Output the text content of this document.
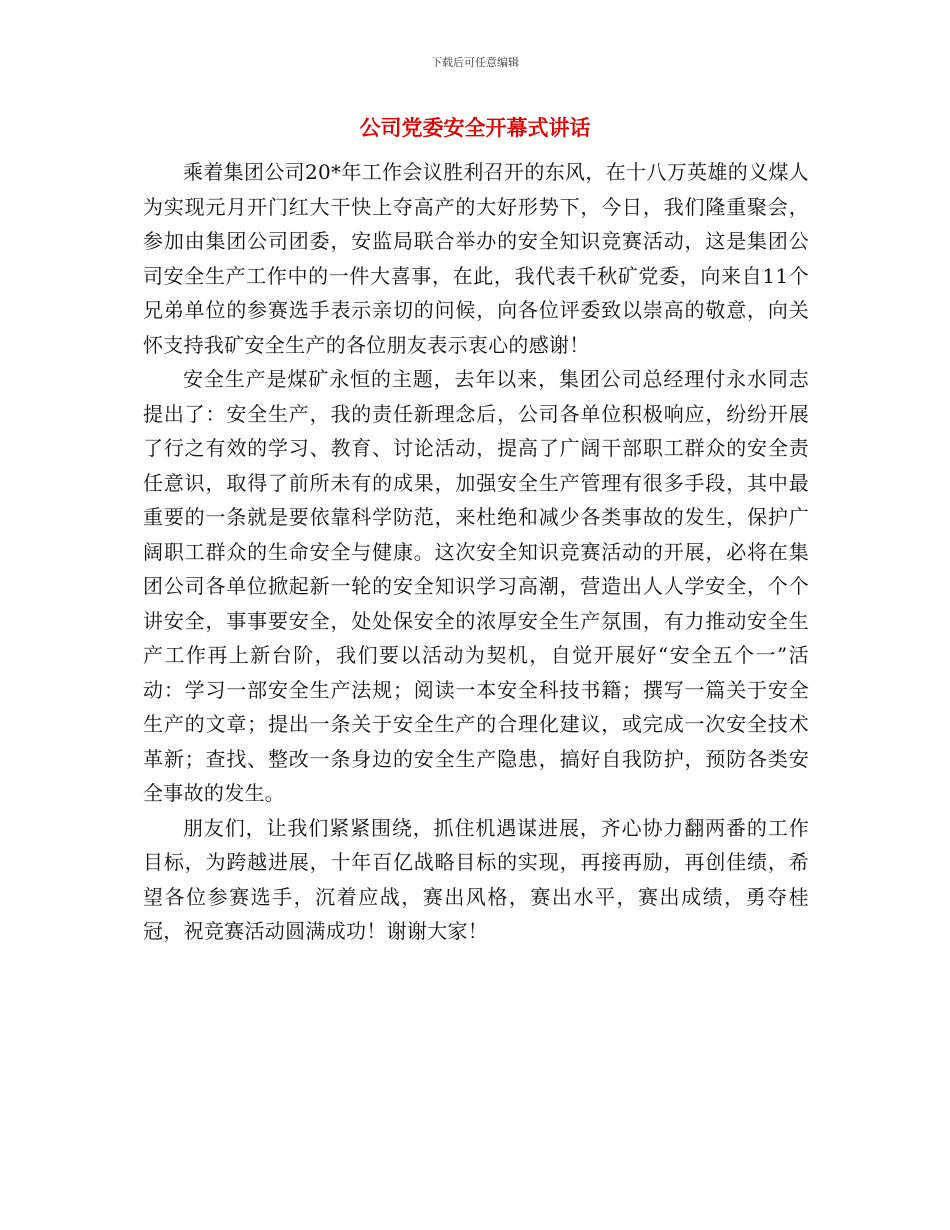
下载后可任意编辑
公司党委安全开幕式讲话

乘着集团公司20*年工作会议胜利召开的东风，在十八万英雄的义煤人为实现元月开门红大干快上夺高产的大好形势下，今日，我们隆重聚会，参加由集团公司团委，安监局联合举办的安全知识竞赛活动，这是集团公司安全生产工作中的一件大喜事，在此，我代表千秋矿党委，向来自11个兄弟单位的参赛选手表示亲切的问候，向各位评委致以崇高的敬意，向关怀支持我矿安全生产的各位朋友表示衷心的感谢！

安全生产是煤矿永恒的主题，去年以来，集团公司总经理付永水同志提出了：安全生产，我的责任新理念后，公司各单位积极响应，纷纷开展了行之有效的学习、教育、讨论活动，提高了广阔干部职工群众的安全责任意识，取得了前所未有的成果，加强安全生产管理有很多手段，其中最重要的一条就是要依靠科学防范，来杜绝和减少各类事故的发生，保护广阔职工群众的生命安全与健康。这次安全知识竞赛活动的开展，必将在集团公司各单位掀起新一轮的安全知识学习高潮，营造出人人学安全，个个讲安全，事事要安全，处处保安全的浓厚安全生产氛围，有力推动安全生产工作再上新台阶，我们要以活动为契机，自觉开展好“安全五个一”活动：学习一部安全生产法规；阅读一本安全科技书籍；撰写一篇关于安全生产的文章；提出一条关于安全生产的合理化建议，或完成一次安全技术革新；查找、整改一条身边的安全生产隐患，搞好自我防护，预防各类安全事故的发生。

朋友们，让我们紧紧围绕，抓住机遇谋进展，齐心协力翻两番的工作目标，为跨越进展，十年百亿战略目标的实现，再接再励，再创佳绩，希望各位参赛选手，沉着应战，赛出风格，赛出水平，赛出成绩，勇夺桂冠，祝竞赛活动圆满成功！谢谢大家！
